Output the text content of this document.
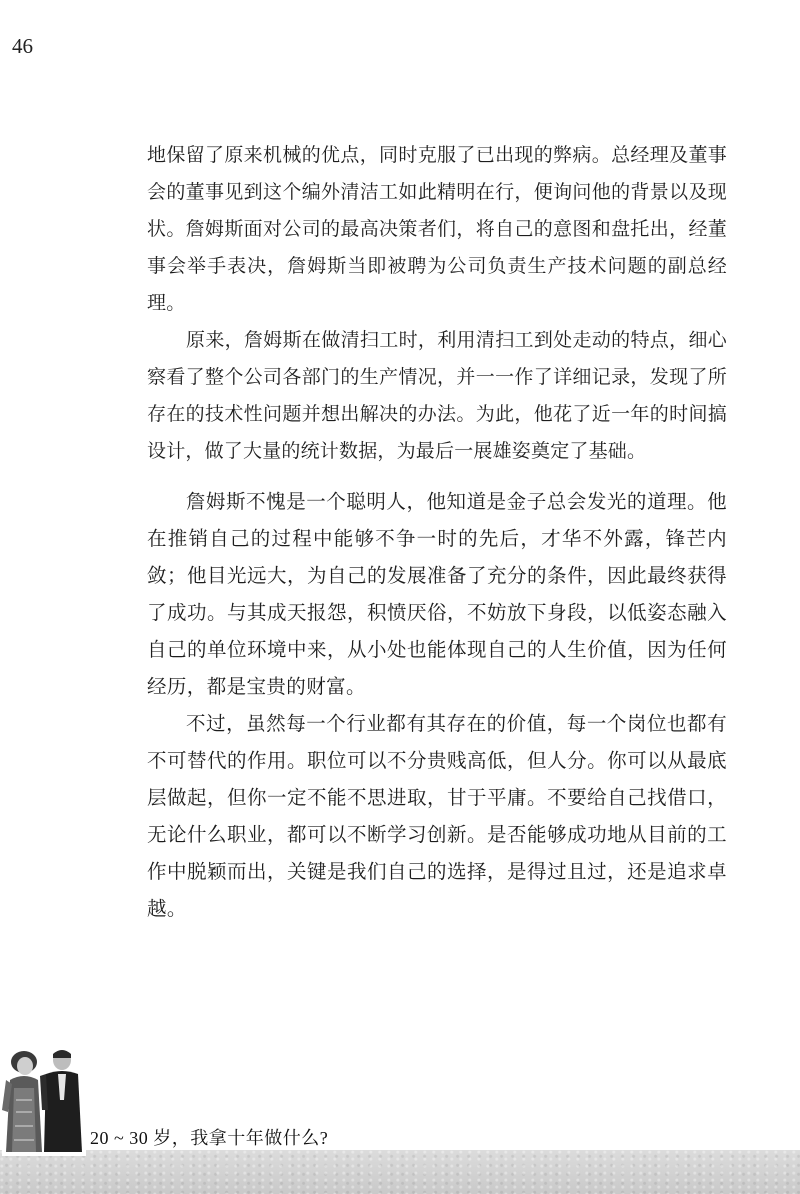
46

地保留了原来机械的优点，同时克服了已出现的弊病。总经理及董事会的董事见到这个编外清洁工如此精明在行，便询问他的背景以及现状。詹姆斯面对公司的最高决策者们，将自己的意图和盘托出，经董事会举手表决，詹姆斯当即被聘为公司负责生产技术问题的副总经理。

原来，詹姆斯在做清扫工时，利用清扫工到处走动的特点，细心察看了整个公司各部门的生产情况，并一一作了详细记录，发现了所存在的技术性问题并想出解决的办法。为此，他花了近一年的时间搞设计，做了大量的统计数据，为最后一展雄姿奠定了基础。

詹姆斯不愧是一个聪明人，他知道是金子总会发光的道理。他在推销自己的过程中能够不争一时的先后，才华不外露，锋芒内敛；他目光远大，为自己的发展准备了充分的条件，因此最终获得了成功。与其成天报怨，积愤厌俗，不妨放下身段，以低姿态融入自己的单位环境中来，从小处也能体现自己的人生价值，因为任何经历，都是宝贵的财富。

不过，虽然每一个行业都有其存在的价值，每一个岗位也都有不可替代的作用。职位可以不分贵贱高低，但人分。你可以从最底层做起，但你一定不能不思进取，甘于平庸。不要给自己找借口，无论什么职业，都可以不断学习创新。是否能够成功地从目前的工作中脱颖而出，关键是我们自己的选择，是得过且过，还是追求卓越。

20 ~ 30 岁，我拿十年做什么?
